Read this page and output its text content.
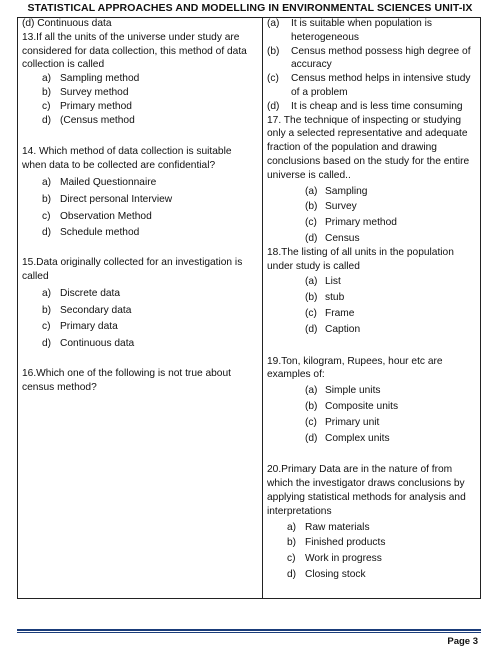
STATISTICAL APPROACHES AND MODELLING IN ENVIRONMENTAL SCIENCES UNIT-IX

(d) Continuous data

13.If all the units of the universe under study are considered for data collection, this method of data collection is called

a) Sampling method
b) Survey method
c) Primary method
d) (Census method

14. Which method of data collection is suitable when data to be collected are confidential?

a) Mailed Questionnaire
b) Direct personal Interview
c) Observation Method
d) Schedule method

15.Data originally collected for an investigation is called

a) Discrete data
b) Secondary data
c) Primary data
d) Continuous data

16.Which one of the following is not true about census method?

(a)	It is suitable when population is heterogeneous
(b)	Census method possess high degree of accuracy
(c)	Census method helps in intensive study of a problem
(d)	It is cheap and is less time consuming

17. The technique of inspecting or studying only a selected representative and adequate fraction of the population and drawing conclusions based on the study for the entire universe is called..

(a) Sampling
(b) Survey
(c) Primary method
(d) Census

18.The listing of all units in the population under study is called

(a) List
(b) stub
(c) Frame
(d) Caption

19.Ton, kilogram, Rupees, hour etc are examples of:

(a) Simple units
(b) Composite units
(c) Primary unit
(d) Complex units

20.Primary Data are in the nature of from which the investigator draws conclusions by applying statistical methods for analysis and interpretations

a) Raw materials
b) Finished products
c) Work in progress
d) Closing stock
Page 3
